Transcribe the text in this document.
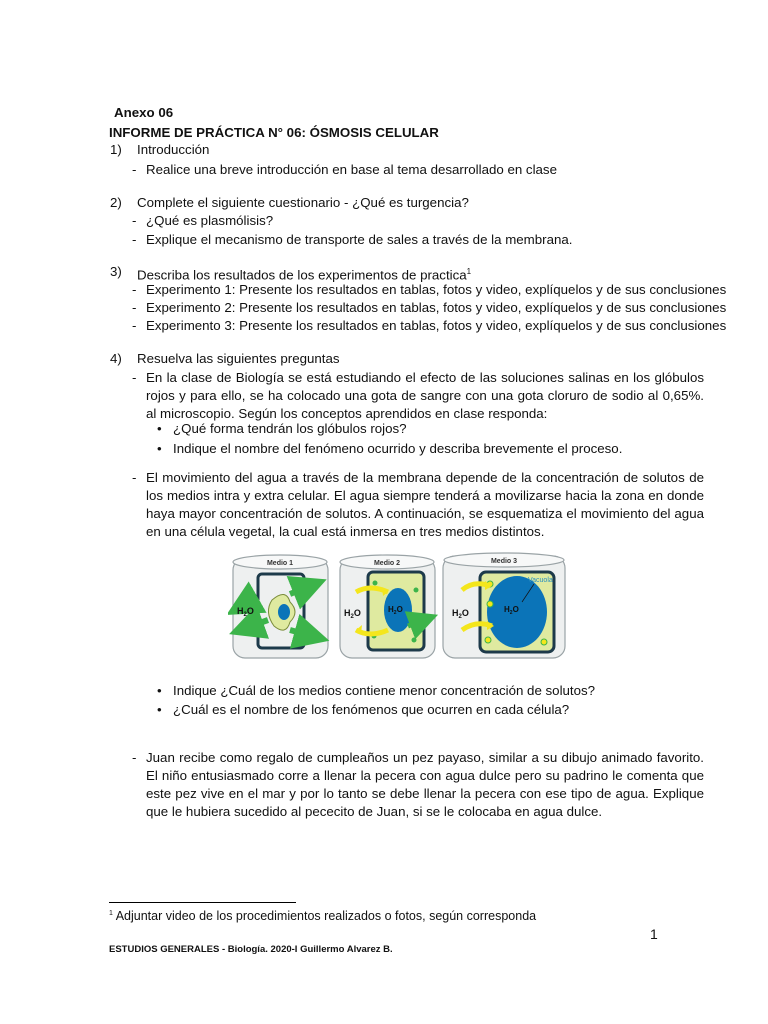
Anexo 06
INFORME DE PRÁCTICA N° 06: ÓSMOSIS CELULAR
1) Introducción
- Realice una breve introducción en base al tema desarrollado en clase
2) Complete el siguiente cuestionario - ¿Qué es turgencia?
- ¿Qué es plasmólisis?
- Explique el mecanismo de transporte de sales a través de la membrana.
3) Describa los resultados de los experimentos de practica$^1$
- Experimento 1: Presente los resultados en tablas, fotos y video, explíquelos y de sus conclusiones
- Experimento 2: Presente los resultados en tablas, fotos y video, explíquelos y de sus conclusiones
- Experimento 3: Presente los resultados en tablas, fotos y video, explíquelos y de sus conclusiones
4) Resuelva las siguientes preguntas
- En la clase de Biología se está estudiando el efecto de las soluciones salinas en los glóbulos rojos y para ello, se ha colocado una gota de sangre con una gota cloruro de sodio al 0,65%. al microscopio. Según los conceptos aprendidos en clase responda:
• ¿Qué forma tendrán los glóbulos rojos?
• Indique el nombre del fenómeno ocurrido y describa brevemente el proceso.
- El movimiento del agua a través de la membrana depende de la concentración de solutos de los medios intra y extra celular. El agua siempre tenderá a movilizarse hacia la zona en donde haya mayor concentración de solutos. A continuación, se esquematiza el movimiento del agua en una célula vegetal, la cual está inmersa en tres medios distintos.
Medio 1
$H_2O$
Medio 2
$H_2O$	$H_2O$
Medio 3
Vacuola
$H_2O$	$H_2O$
• Indique ¿Cuál de los medios contiene menor concentración de solutos?
• ¿Cuál es el nombre de los fenómenos que ocurren en cada célula?
- Juan recibe como regalo de cumpleaños un pez payaso, similar a su dibujo animado favorito. El niño entusiasmado corre a llenar la pecera con agua dulce pero su padrino le comenta que este pez vive en el mar y por lo tanto se debe llenar la pecera con ese tipo de agua. Explique que le hubiera sucedido al pececito de Juan, si se le colocaba en agua dulce.
$^1$ Adjuntar video de los procedimientos realizados o fotos, según corresponda
1
ESTUDIOS GENERALES - Biología. 2020-I Guillermo Alvarez B.
